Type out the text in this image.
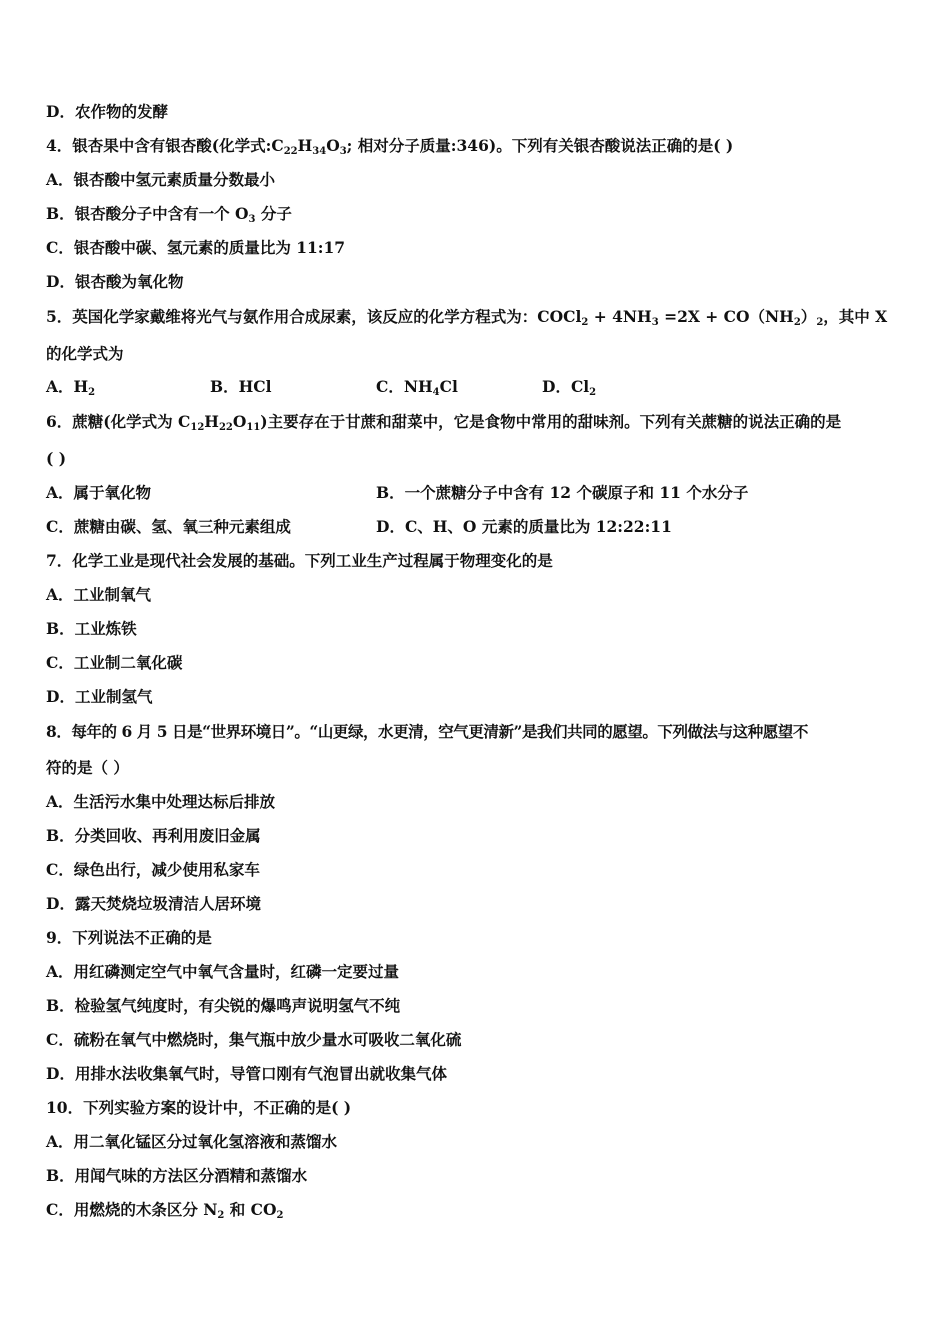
D．农作物的发酵
4．银杏果中含有银杏酸(化学式$:C_{22}H_{34}O_3$; 相对分子质量:346)。下列有关银杏酸说法正确的是( )
A．银杏酸中氢元素质量分数最小
B．银杏酸分子中含有一个 $O_3$ 分子
C．银杏酸中碳、氢元素的质量比为 11:17
D．银杏酸为氧化物
5．英国化学家戴维将光气与氨作用合成尿素，该反应的化学方程式为：COCl$_2$ + $4NH_3 =2X + CO(NH_2)_2$，其中 X
的化学式为
A．$H_2$	B．HCl	C．$NH_4Cl$	D．$Cl_2$
6．蔗糖(化学式为 $C_{12}H_{22}O_{11}$)主要存在于甘蔗和甜菜中，它是食物中常用的甜味剂。下列有关蔗糖的说法正确的是
( )
A．属于氧化物	B．一个蔗糖分子中含有 12 个碳原子和 11 个水分子
C．蔗糖由碳、氢、氧三种元素组成	D．C、H、O 元素的质量比为 12:22:11
7．化学工业是现代社会发展的基础。下列工业生产过程属于物理变化的是
A．工业制氧气
B．工业炼铁
C．工业制二氧化碳
D．工业制氢气
8．每年的 6 月 5 日是“世界环境日”。“山更绿，水更清，空气更清新”是我们共同的愿望。下列做法与这种愿望不
符的是（ ）
A．生活污水集中处理达标后排放
B．分类回收、再利用废旧金属
C．绿色出行，减少使用私家车
D．露天焚烧垃圾清洁人居环境
9．下列说法不正确的是
A．用红磷测定空气中氧气含量时，红磷一定要过量
B．检验氢气纯度时，有尖锐的爆鸣声说明氢气不纯
C．硫粉在氧气中燃烧时，集气瓶中放少量水可吸收二氧化硫
D．用排水法收集氧气时，导管口刚有气泡冒出就收集气体
10．下列实验方案的设计中，不正确的是( )
A．用二氧化锰区分过氧化氢溶液和蒸馏水
B．用闻气味的方法区分酒精和蒸馏水
C．用燃烧的木条区分 $N_2$ 和 $CO_2$
